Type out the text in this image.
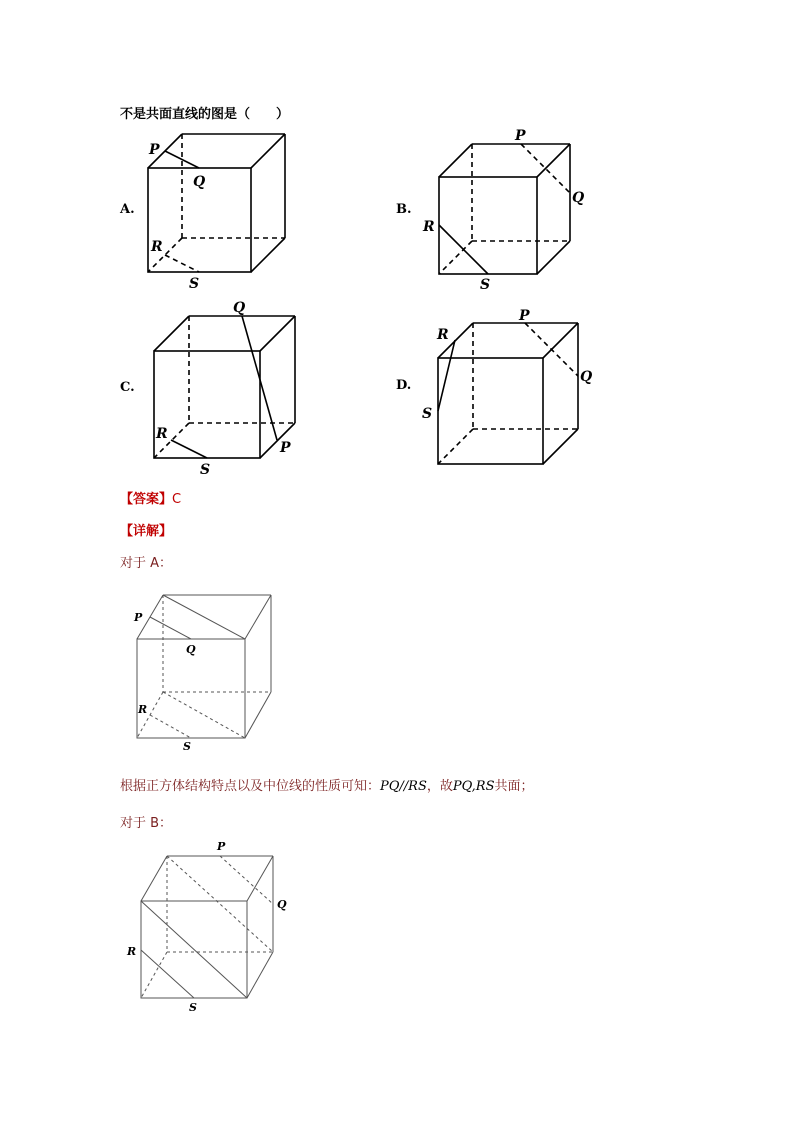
不是共面直线的图是（　　）
A.	B.
C.	D.
P
Q
R
S
P
Q
R
S
Q
P
R
S
P
Q
R
S
P
Q
R
S
P
Q
R
S
【答案】C
【详解】
对于 A：
根据正方体结构特点以及中位线的性质可知：PQ//RS，故PQ,RS共面；
对于 B：
